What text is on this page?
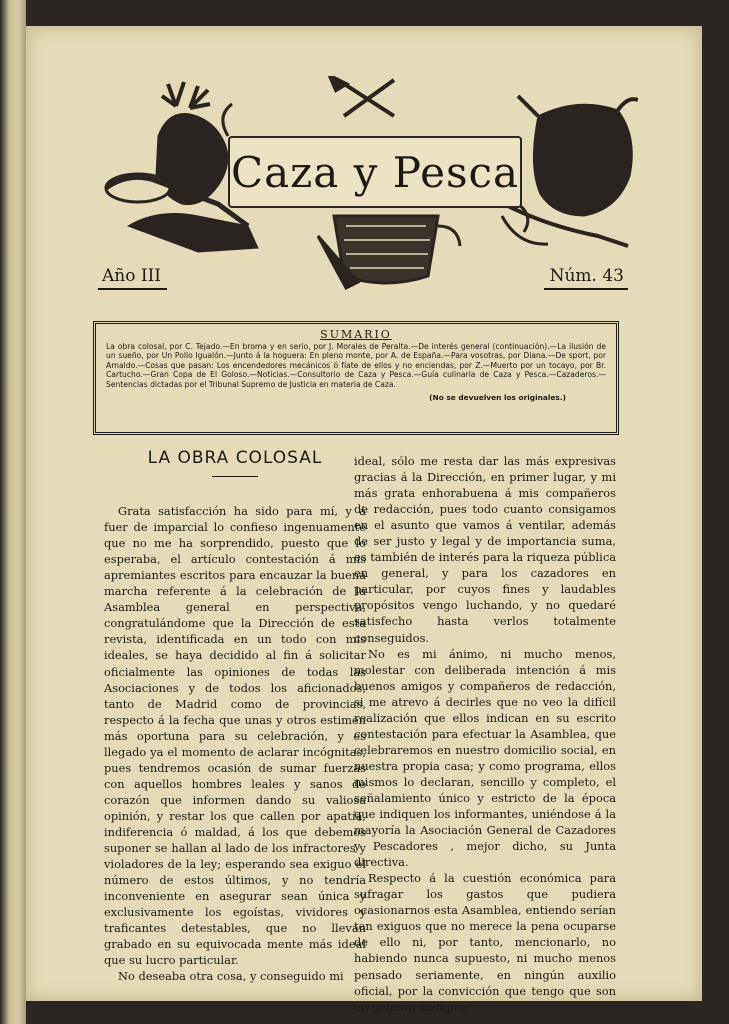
Caza y Pesca
Año III	Núm. 43
SUMARIO
La obra colosal, por C. Tejado.—En broma y en serio, por J. Morales de Peralta.—De interés general (continuación).—La ilusión de un sueño, por Un Pollo Igualón.—Junto á la hoguera: En pleno monte, por A. de España.—Para vosotras, por Diana.—De sport, por Arnaldo.—Cosas que pasan: Los encendedores mecánicos ó fíate de ellos y no enciendas, por Z.—Muerto por un tocayo, por Br. Cartucho.—Gran Copa de El Goloso.—Noticias.—Consultorio de Caza y Pesca.—Guía culinaria de Caza y Pesca.—Cazaderos.—Sentencias dictadas por el Tribunal Supremo de Justicia en materia de Caza.
(No se devuelven los originales.)
LA OBRA COLOSAL

Grata satisfacción ha sido para mí, y á fuer de imparcial lo confieso ingenuamente que no me ha sorprendido, puesto que lo esperaba, el artículo contestación á mis apremiantes escritos para encauzar la buena marcha referente á la celebración de la Asamblea general en perspectiva, congratulándome que la Dirección de esta revista, identificada en un todo con mis ideales, se haya decidido al fin á solicitar oficialmente las opiniones de todas las Asociaciones y de todos los aficionados, tanto de Madrid como de provincias, respecto á la fecha que unas y otros estimen más oportuna para su celebración, y es llegado ya el momento de aclarar incógnitas, pues tendremos ocasión de sumar fuerzas con aquellos hombres leales y sanos de corazón que informen dando su valiosa opinión, y restar los que callen por apatía, indiferencia ó maldad, á los que debemos suponer se hallan al lado de los infractores y violadores de la ley; esperando sea exiguo el número de estos últimos, y no tendría inconveniente en asegurar sean única y exclusivamente los egoístas, vividores y traficantes detestables, que no llevan grabado en su equivocada mente más ideal que su lucro particular.

No deseaba otra cosa, y conseguido mi

ideal, sólo me resta dar las más expresivas gracias á la Dirección, en primer lugar, y mi más grata enhorabuena á mis compañeros de redacción, pues todo cuanto consigamos en el asunto que vamos á ventilar, además de ser justo y legal y de importancia suma, es también de interés para la riqueza pública en general, y para los cazadores en particular, por cuyos fines y laudables propósitos vengo luchando, y no quedaré satisfecho hasta verlos totalmente conseguidos.

No es mi ánimo, ni mucho menos, molestar con deliberada intención á mis buenos amigos y compañeros de redacción, si me atrevo á decirles que no veo la difícil realización que ellos indican en su escrito contestación para efectuar la Asamblea, que celebraremos en nuestro domicilio social, en nuestra propia casa; y como programa, ellos mismos lo declaran, sencillo y completo, el señalamiento único y estricto de la época que indiquen los informantes, uniéndose á la mayoría la Asociación General de Cazadores y Pescadores , mejor dicho, su Junta directiva.

Respecto á la cuestión económica para sufragar los gastos que pudiera ocasionarnos esta Asamblea, entiendo serían tan exiguos que no merece la pena ocuparse de ello ni, por tanto, mencionarlo, no habiendo nunca supuesto, ni mucho menos pensado seriamente, en ningún auxilio oficial, por la convicción que tengo que son en general siempre
